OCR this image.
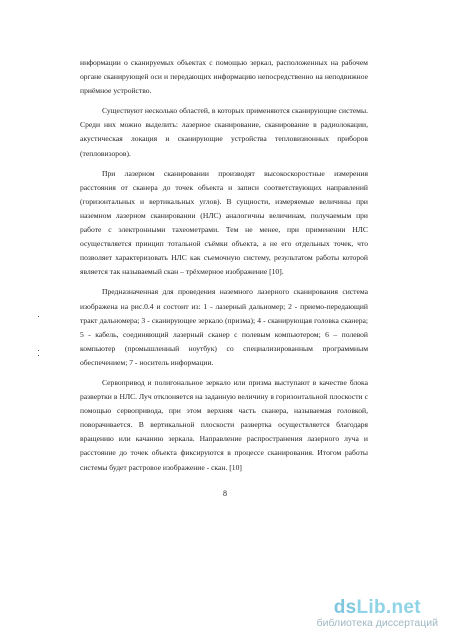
информации о сканируемых объектах с помощью зеркал, расположенных на рабочем органе сканирующей оси и передающих информацию непосредственно на неподвижное приёмное устройство.

Существуют несколько областей, в которых применяются сканирующие системы. Среди них можно выделить: лазерное сканирование, сканирование в радиолокации, акустическая локация и сканирующие устройства тепловизионных приборов (тепловизоров).

При лазерном сканировании производят высокоскоростные измерения расстояния от сканера до точек объекта и записи соответствующих направлений (горизонтальных и вертикальных углов). В сущности, измеряемые величины при наземном лазерном сканировании (НЛС) аналогичны величинам, получаемым при работе с электронными тахеометрами. Тем не менее, при применении НЛС осуществляется принцип тотальной съёмки объекта, а не его отдельных точек, что позволяет характеризовать НЛС как съемочную систему, результатом работы которой является так называемый скан – трёхмерное изображение [10].

Предназначенная для проведения наземного лазерного сканирования система изображена на рис.0.4 и состоит из: 1 - лазерный дальномер; 2 - приемо-передающий тракт дальномера; 3 - сканирующее зеркало (призма); 4 - сканирующая головка сканера; 5 - кабель, соединяющий лазерный сканер с полевым компьютером; 6 – полевой компьютер (промышленный ноутбук) со специализированным программным обеспечением; 7 - носитель информации.

Сервопривод и полигональное зеркало или призма выступают в качестве блока развертки в НЛС. Луч отклоняется на заданную величину в горизонтальной плоскости с помощью сервопривода, при этом верхняя часть сканера, называемая головкой, поворачивается. В вертикальной плоскости развертка осуществляется благодаря вращению или качанию зеркала. Направление распространения лазерного луча и расстояние до точек объекта фиксируются в процессе сканирования. Итогом работы системы будет растровое изображение - скан. [10]

8
dsLib.net
библиотека диссертаций
